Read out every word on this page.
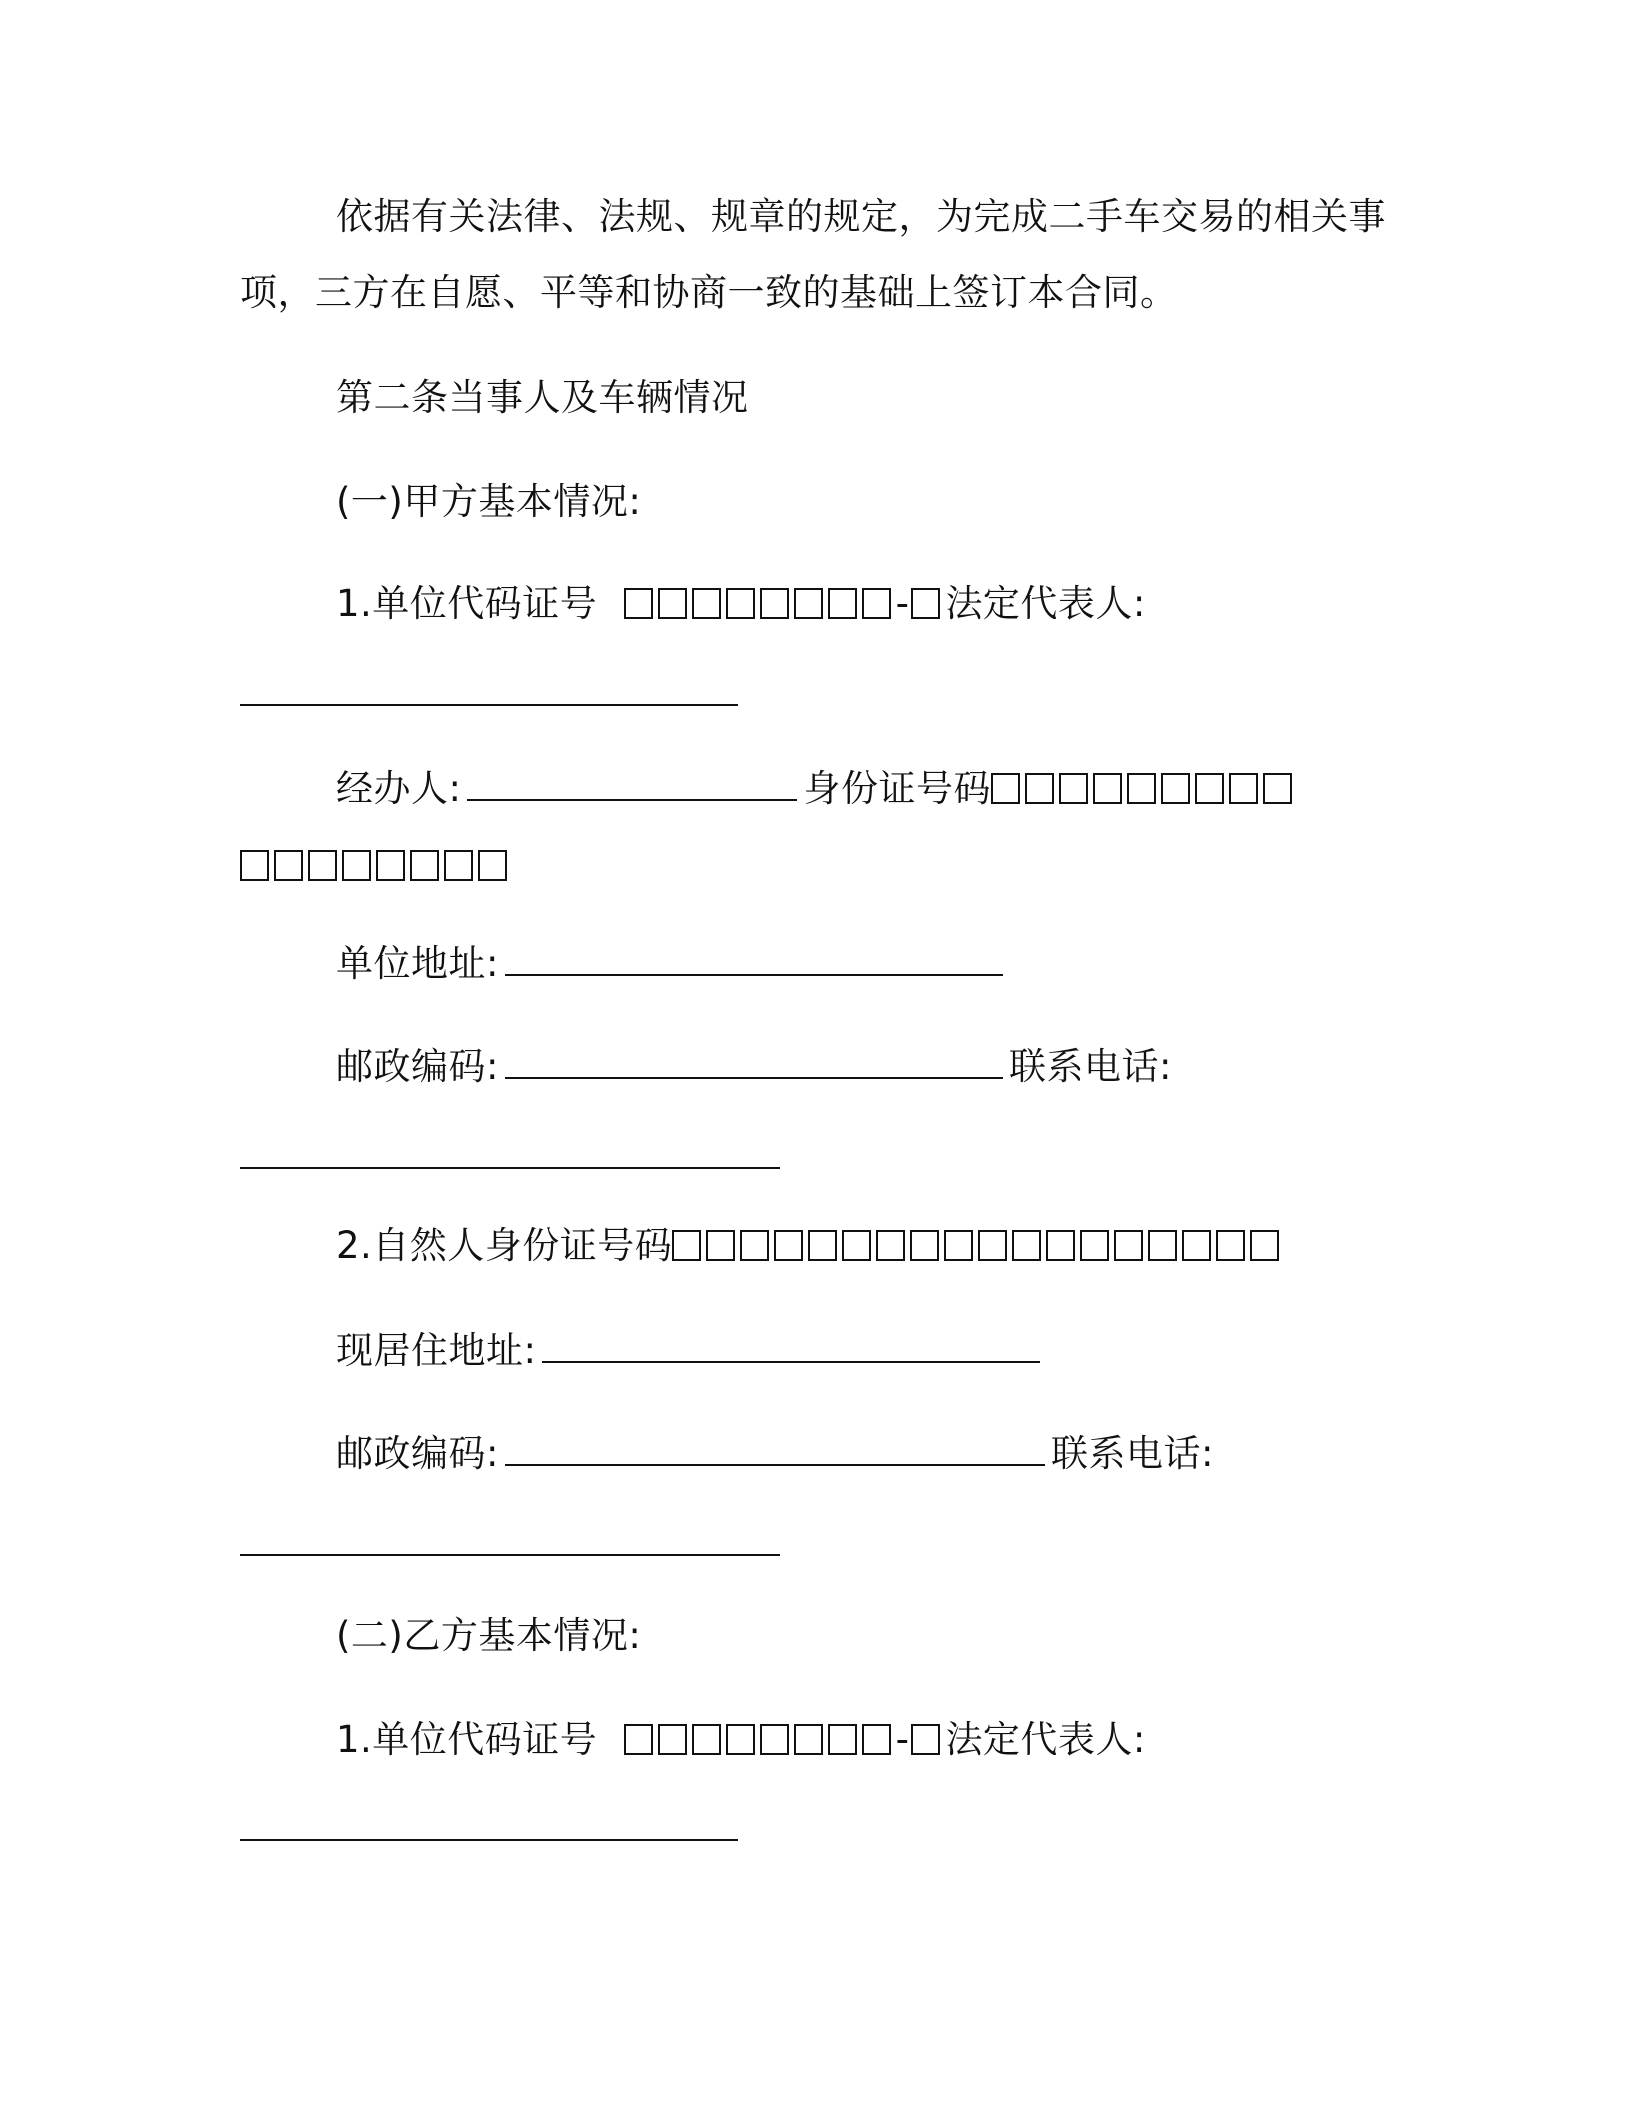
依据有关法律、法规、规章的规定，为完成二手车交易的相关事
项，三方在自愿、平等和协商一致的基础上签订本合同。
第二条当事人及车辆情况
(一)甲方基本情况:
1.单位代码证号	- 法定代表人:
经办人:	身份证号码
单位地址:
邮政编码:	联系电话:
2.自然人身份证号码
现居住地址:
邮政编码:	联系电话:
(二)乙方基本情况:
1.单位代码证号	- 法定代表人:
